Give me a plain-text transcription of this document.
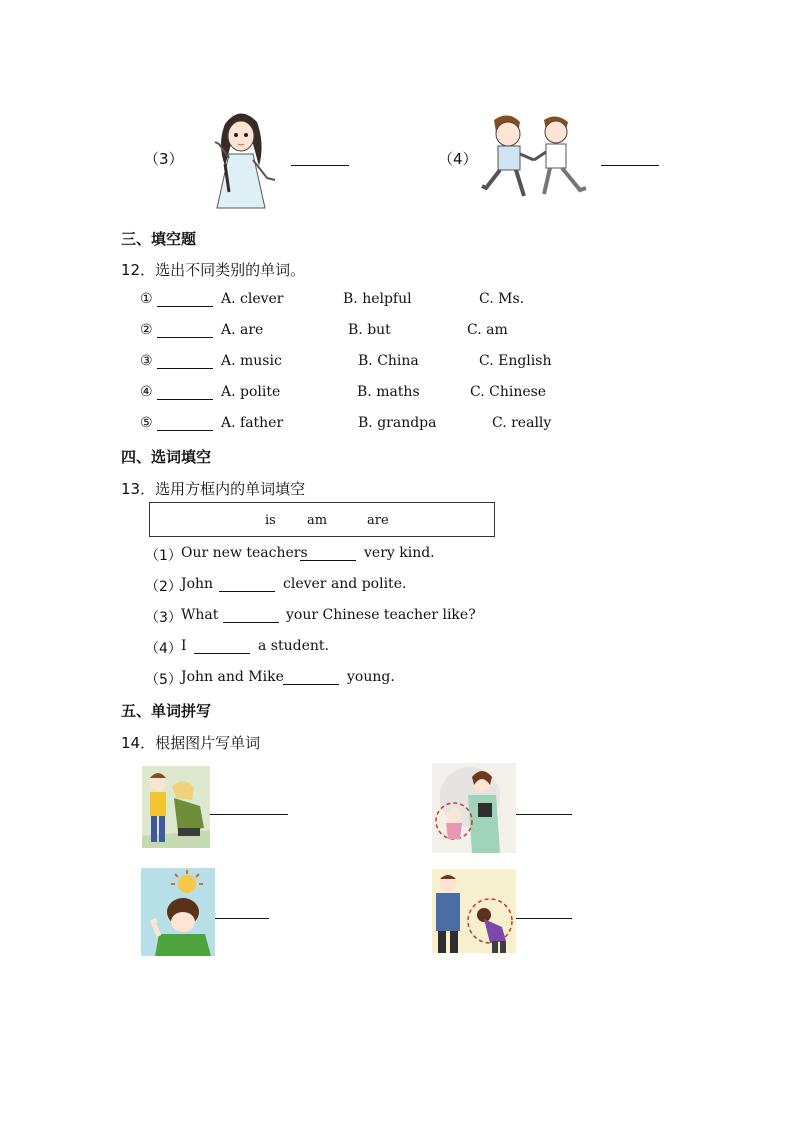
（3）	（4）
三、填空题
12．选出不同类别的单词。
①	A. clever	B. helpful	C. Ms.
②	A. are	B. but	C. am
③	A. music	B. China	C. English
④	A. polite	B. maths	C. Chinese
⑤	A. father	B. grandpa	C. really
四、选词填空
13．选用方框内的单词填空
is am	are
（1） Our new teachers	very kind.
（2） John	clever and polite.
（3） What	your Chinese teacher like?
（4） I	a student.
（5） John and Mike	young.
五、单词拼写
14．根据图片写单词
